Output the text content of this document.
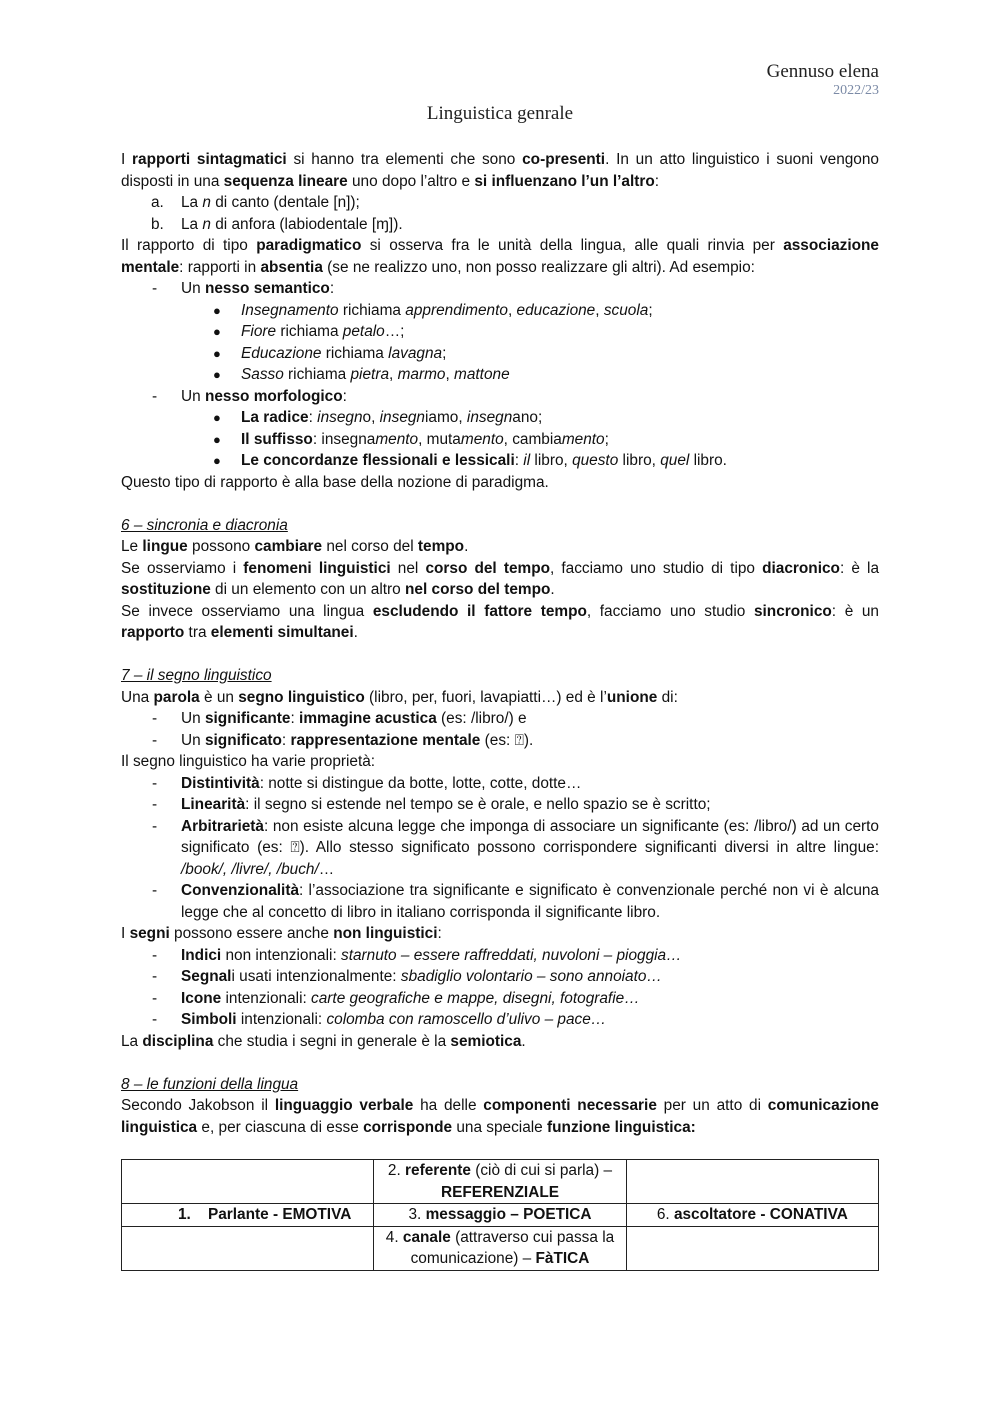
Gennuso elena
2022/23
Linguistica genrale

I rapporti sintagmatici si hanno tra elementi che sono co-presenti. In un atto linguistico i suoni vengono disposti in una sequenza lineare uno dopo l’altro e si influenzano l’un l’altro:

a.	La n di canto (dentale [n]);
b.	La n di anfora (labiodentale [ɱ]).

Il rapporto di tipo paradigmatico si osserva fra le unità della lingua, alle quali rinvia per associazione mentale: rapporti in absentia (se ne realizzo uno, non posso realizzare gli altri). Ad esempio:

-	Un nesso semantico:
●	Insegnamento richiama apprendimento, educazione, scuola;
●	Fiore richiama petalo…;
●	Educazione richiama lavagna;
●	Sasso richiama pietra, marmo, mattone
-	Un nesso morfologico:
●	La radice: insegno, insegniamo, insegnano;
●	Il suffisso: insegnamento, mutamento, cambiamento;
●	Le concordanze flessionali e lessicali: il libro, questo libro, quel libro.

Questo tipo di rapporto è alla base della nozione di paradigma.

6 – sincronia e diacronia

Le lingue possono cambiare nel corso del tempo.

Se osserviamo i fenomeni linguistici nel corso del tempo, facciamo uno studio di tipo diacronico: è la sostituzione di un elemento con un altro nel corso del tempo.

Se invece osserviamo una lingua escludendo il fattore tempo, facciamo uno studio sincronico: è un rapporto tra elementi simultanei.

7 – il segno linguistico

Una parola è un segno linguistico (libro, per, fuori, lavapiatti…) ed è l’unione di:

-	Un significante: immagine acustica (es: /libro/) e
-	Un significato: rappresentazione mentale (es: ⍰).

Il segno linguistico ha varie proprietà:

-	Distintività: notte si distingue da botte, lotte, cotte, dotte…
-	Linearità: il segno si estende nel tempo se è orale, e nello spazio se è scritto;
-	Arbitrarietà: non esiste alcuna legge che imponga di associare un significante (es: /libro/) ad un certo significato (es: ⍰). Allo stesso significato possono corrispondere significanti diversi in altre lingue: /book/, /livre/, /buch/…
-	Convenzionalità: l’associazione tra significante e significato è convenzionale perché non vi è alcuna legge che al concetto di libro in italiano corrisponda il significante libro.

I segni possono essere anche non linguistici:

-	Indici non intenzionali: starnuto – essere raffreddati, nuvoloni – pioggia…
-	Segnali usati intenzionalmente: sbadiglio volontario – sono annoiato…
-	Icone intenzionali: carte geografiche e mappe, disegni, fotografie…
-	Simboli intenzionali: colomba con ramoscello d’ulivo – pace…

La disciplina che studia i segni in generale è la semiotica.

8 – le funzioni della lingua

Secondo Jakobson il linguaggio verbale ha delle componenti necessarie per un atto di comunicazione linguistica e, per ciascuna di esse corrisponde una speciale funzione linguistica:

	2. referente (ciò di cui si parla) –
REFERENZIALE	
1.    Parlante - EMOTIVA	3. messaggio – POETICA	6. ascoltatore - CONATIVA
	4. canale (attraverso cui passa la comunicazione) – FàTICA	
